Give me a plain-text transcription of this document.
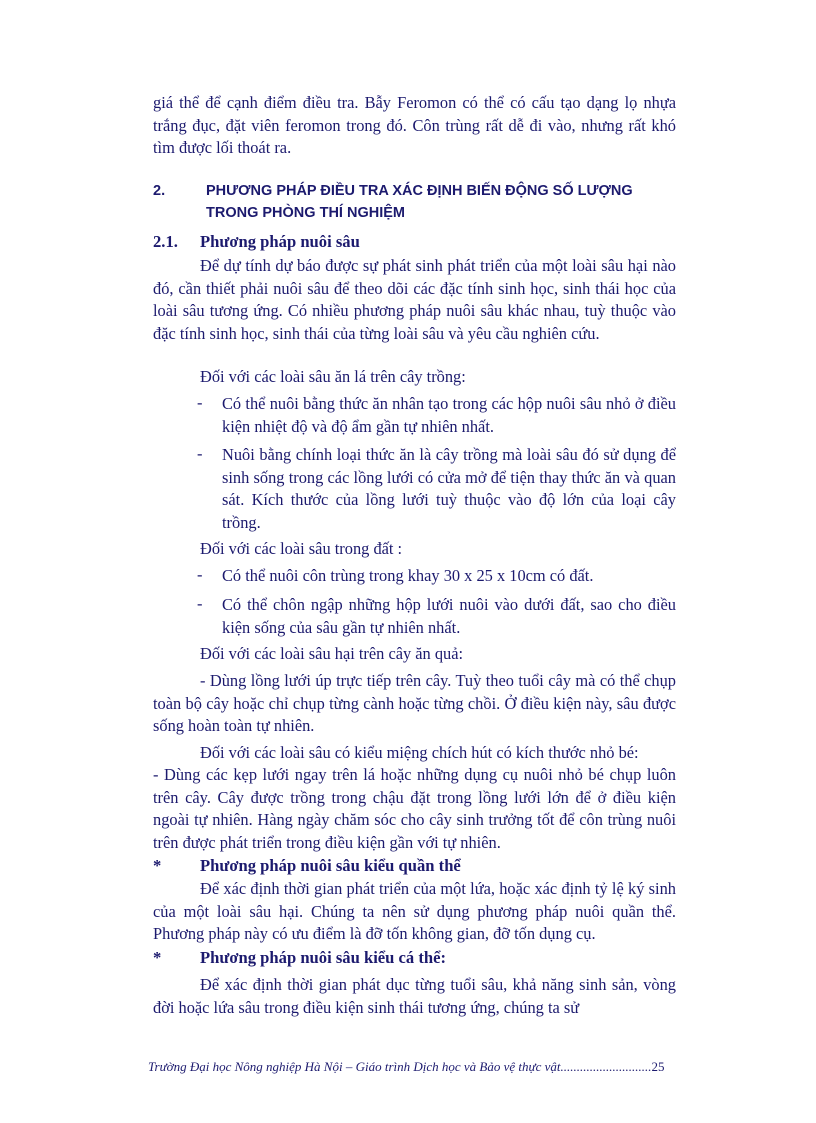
giá thể để cạnh điểm điều tra. Bẫy Feromon có thể có cấu tạo dạng lọ nhựa trắng đục, đặt viên feromon trong đó. Côn trùng rất dễ đi vào, nhưng rất khó tìm được lối thoát ra.

2.	PHƯƠNG PHÁP ĐIỀU TRA XÁC ĐỊNH BIẾN ĐỘNG SỐ LƯỢNG TRONG PHÒNG THÍ NGHIỆM
2.1. Phương pháp nuôi sâu

Để dự tính dự báo được sự phát sinh phát triển của một loài sâu hại nào đó, cần thiết phải nuôi sâu để theo dõi các đặc tính sinh học, sinh thái học của loài sâu tương ứng. Có nhiều phương pháp nuôi sâu khác nhau, tuỳ thuộc vào đặc tính sinh học, sinh thái của từng loài sâu và yêu cầu nghiên cứu.

Đối với các loài sâu ăn lá trên cây trồng:

- Có thể nuôi bằng thức ăn nhân tạo trong các hộp nuôi sâu nhỏ ở điều kiện nhiệt độ và độ ẩm gần tự nhiên nhất.

- Nuôi bằng chính loại thức ăn là cây trồng mà loài sâu đó sử dụng để sinh sống trong các lồng lưới có cửa mở để tiện thay thức ăn và quan sát. Kích thước của lồng lưới tuỳ thuộc vào độ lớn của loại cây trồng.

Đối với các loài sâu trong đất :

- Có thể nuôi côn trùng trong khay 30 x 25 x 10cm có đất.

- Có thể chôn ngập những hộp lưới nuôi vào dưới đất, sao cho điều kiện sống của sâu gần tự nhiên nhất.

Đối với các loài sâu hại trên cây ăn quả:

- Dùng lồng lưới úp trực tiếp trên cây. Tuỳ theo tuổi cây mà có thể chụp toàn bộ cây hoặc chỉ chụp từng cành hoặc từng chồi. Ở điều kiện này, sâu được sống hoàn toàn tự nhiên.

Đối với các loài sâu có kiểu miệng chích hút có kích thước nhỏ bé:

- Dùng các kẹp lưới ngay trên lá hoặc những dụng cụ nuôi nhỏ bé chụp luôn trên cây. Cây được trồng trong chậu đặt trong lồng lưới lớn để ở điều kiện ngoài tự nhiên. Hàng ngày chăm sóc cho cây sinh trưởng tốt để côn trùng nuôi trên được phát triển trong điều kiện gần với tự nhiên.

* Phương pháp nuôi sâu kiểu quần thể

Để xác định thời gian phát triển của một lứa, hoặc xác định tỷ lệ ký sinh của một loài sâu hại. Chúng ta nên sử dụng phương pháp nuôi quần thể. Phương pháp này có ưu điểm là đỡ tốn không gian, đỡ tốn dụng cụ.

* Phương pháp nuôi sâu kiểu cá thể:

Để xác định thời gian phát dục từng tuổi sâu, khả năng sinh sản, vòng đời hoặc lứa sâu trong điều kiện sinh thái tương ứng, chúng ta sử

Trường Đại học Nông nghiệp Hà Nội – Giáo trình Dịch học và Bảo vệ thực vật............................25
